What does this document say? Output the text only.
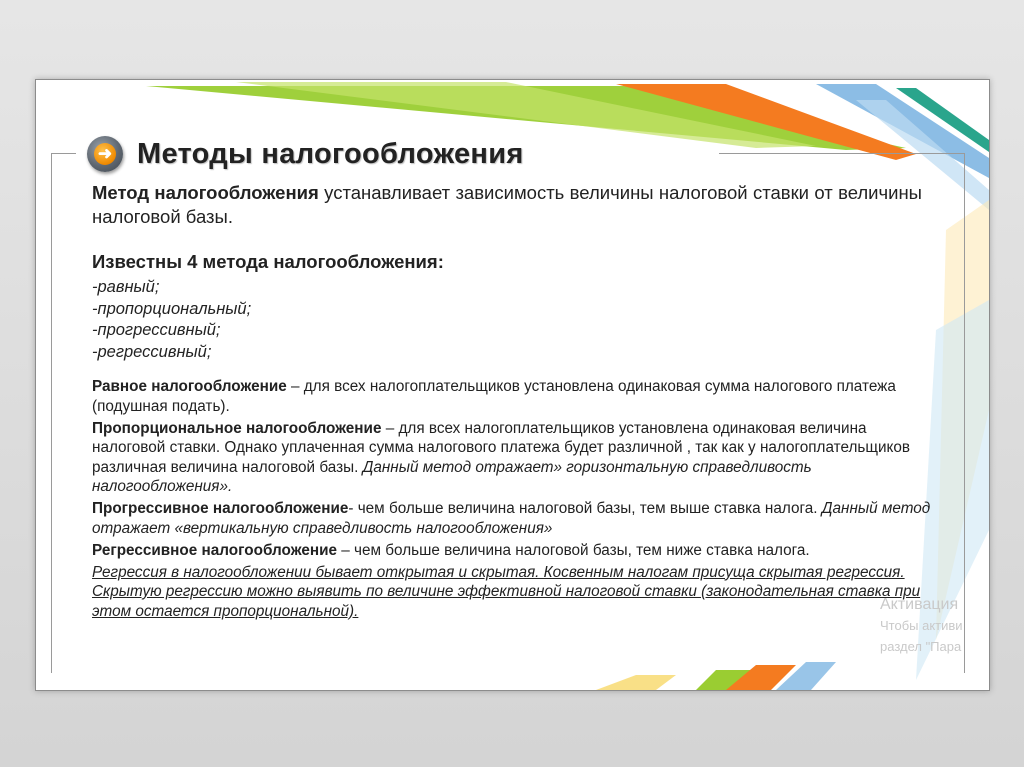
➜ Методы налогообложения
Метод налогообложения устанавливает зависимость величины налоговой ставки от величины налоговой базы.
Известны 4 метода налогообложения:
-равный;
-пропорциональный;
-прогрессивный;
-регрессивный;

Равное налогообложение – для всех налогоплательщиков установлена одинаковая сумма налогового платежа (подушная подать).

Пропорциональное налогообложение – для всех налогоплательщиков установлена одинаковая величина налоговой ставки. Однако уплаченная сумма налогового платежа будет различной , так как у налогоплательщиков различная величина налоговой базы. Данный метод отражает» горизонтальную справедливость налогообложения».

Прогрессивное налогообложение- чем больше величина налоговой базы, тем выше ставка налога. Данный метод отражает «вертикальную справедливость налогообложения»

Регрессивное налогообложение – чем больше величина налоговой базы, тем ниже ставка налога.

Регрессия в налогообложении бывает открытая и скрытая. Косвенным налогам присуща скрытая регрессия. Скрытую регрессию можно выявить по величине эффективной налоговой ставки (законодательная ставка при этом остается пропорциональной).	Активация
Чтобы активи
раздел "Пара
